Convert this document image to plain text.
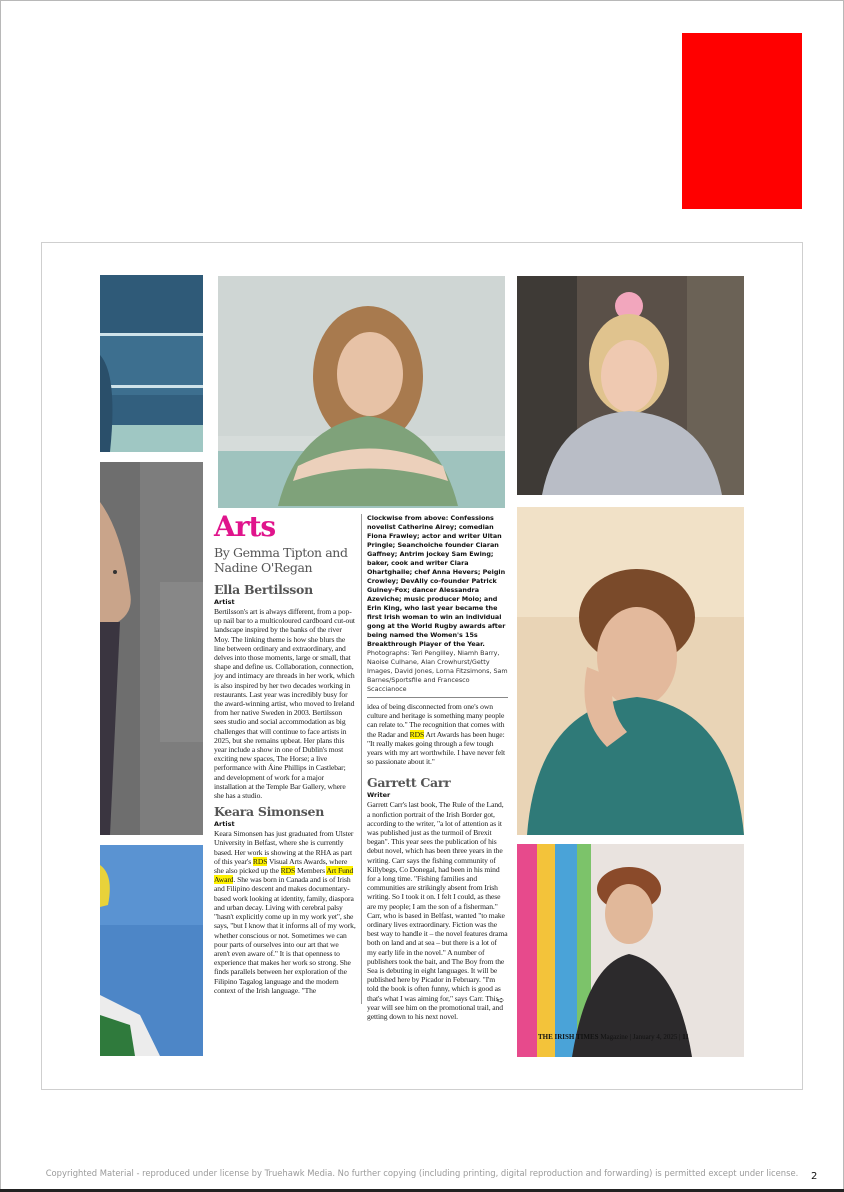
Arts
By Gemma Tipton and Nadine O'Regan

Ella Bertilsson

Artist

Bertilsson's art is always different, from a pop-up nail bar to a multicoloured cardboard cut-out landscape inspired by the banks of the river Moy. The linking theme is how she blurs the line between ordinary and extraordinary, and delves into those moments, large or small, that shape and define us. Collaboration, connection, joy and intimacy are threads in her work, which is also inspired by her two decades working in restaurants. Last year was incredibly busy for the award-winning artist, who moved to Ireland from her native Sweden in 2003. Bertilsson sees studio and social accommodation as big challenges that will continue to face artists in 2025, but she remains upbeat. Her plans this year include a show in one of Dublin's most exciting new spaces, The Horse; a live performance with Áine Phillips in Castlebar; and development of work for a major installation at the Temple Bar Gallery, where she has a studio.

Keara Simonsen

Artist

Keara Simonsen has just graduated from Ulster University in Belfast, where she is currently based. Her work is showing at the RHA as part of this year's RDS Visual Arts Awards, where she also picked up the RDS Members Art Fund Award. She was born in Canada and is of Irish and Filipino descent and makes documentary-based work looking at identity, family, diaspora and urban decay. Living with cerebral palsy "hasn't explicitly come up in my work yet", she says, "but I know that it informs all of my work, whether conscious or not. Sometimes we can pour parts of ourselves into our art that we aren't even aware of." It is that openness to experience that makes her work so strong. She finds parallels between her exploration of the Filipino Tagalog language and the modern context of the Irish language. "The

Clockwise from above: Confessions novelist Catherine Airey; comedian Fiona Frawley; actor and writer Ultan Pringle; Seanchoiche founder Ciaran Gaffney; Antrim jockey Sam Ewing; baker, cook and writer Ciara Ohartghaile; chef Anna Hevers; Peigin Crowley; DevAlly co-founder Patrick Guiney-Fox; dancer Alessandra Azeviche; music producer Moio; and Erin King, who last year became the first Irish woman to win an individual gong at the World Rugby awards after being named the Women's 15s Breakthrough Player of the Year.

Photographs: Teri Pengilley, Niamh Barry, Naoise Culhane, Alan Crowhurst/Getty Images, David Jones, Lorna Fitzsimons, Sam Barnes/Sportsfile and Francesco Scaccianoce

idea of being disconnected from one's own culture and heritage is something many people can relate to." The recognition that comes with the Radar and RDS Art Awards has been huge: "It really makes going through a few tough years with my art worthwhile. I have never felt so passionate about it."

Garrett Carr

Writer

Garrett Carr's last book, The Rule of the Land, a nonfiction portrait of the Irish Border got, according to the writer, "a lot of attention as it was published just as the turmoil of Brexit began". This year sees the publication of his debut novel, which has been three years in the writing. Carr says the fishing community of Killybegs, Co Donegal, had been in his mind for a long time. "Fishing families and communities are strikingly absent from Irish writing. So I took it on. I felt I could, as these are my people; I am the son of a fisherman." Carr, who is based in Belfast, wanted "to make ordinary lives extraordinary. Fiction was the best way to handle it – the novel features drama both on land and at sea – but there is a lot of my early life in the novel." A number of publishers took the bait, and The Boy from the Sea is debuting in eight languages. It will be published here by Picador in February. "I'm told the book is often funny, which is good as that's what I was aiming for," says Carr. This year will see him on the promotional trail, and getting down to his next novel.

➪
THE IRISH TIMES Magazine | January 4, 2025 | 11
Copyrighted Material - reproduced under license by Truehawk Media. No further copying (including printing, digital reproduction and forwarding) is permitted except under license.	2
